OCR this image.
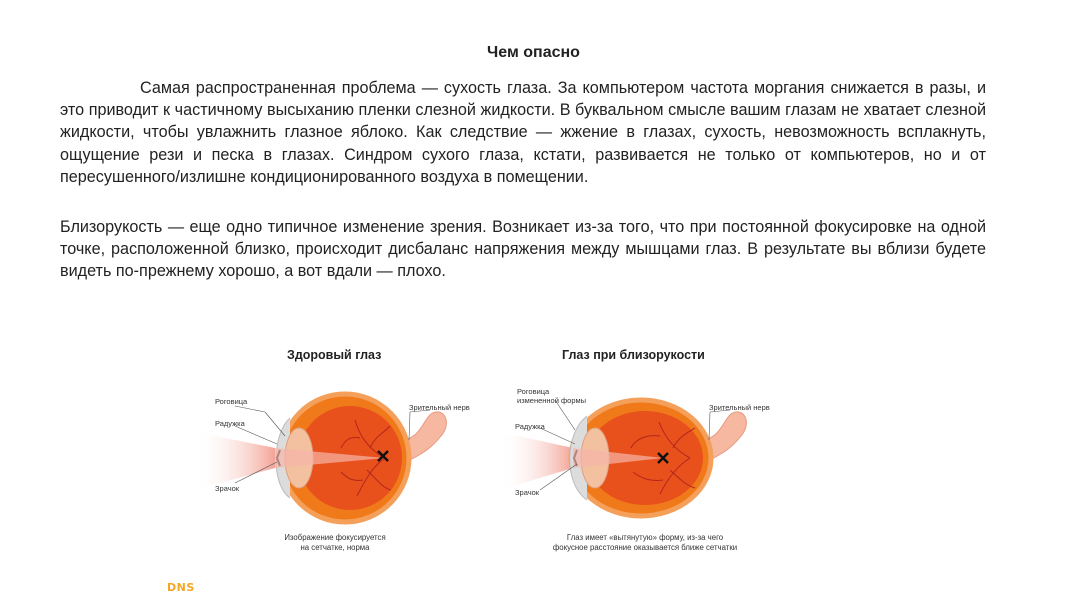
Чем опасно

Самая распространенная проблема — сухость глаза. За компьютером частота моргания снижается в разы, и это приводит к частичному высыханию пленки слезной жидкости. В буквальном смысле вашим глазам не хватает слезной жидкости, чтобы увлажнить глазное яблоко. Как следствие — жжение в глазах, сухость, невозможность всплакнуть, ощущение рези и песка в глазах. Синдром сухого глаза, кстати, развивается не только от компьютеров, но и от пересушенного/излишне кондиционированного воздуха в помещении.

Близорукость — еще одно типичное изменение зрения. Возникает из-за того, что при постоянной фокусировке на одной точке, расположенной близко, происходит дисбаланс напряжения между мышцами глаз. В результате вы вблизи будете видеть по-прежнему хорошо, а вот вдали — плохо.

Здоровый глаз
Роговица
Радужка
Зрачок
Зрительный нерв
Изображение фокусируется
на сетчатке, норма
Глаз при близорукости
Роговица
измененной формы
Радужка
Зрачок
Зрительный нерв
Глаз имеет «вытянутую» форму, из-за чего
фокусное расстояние оказывается ближе сетчатки
DNS
